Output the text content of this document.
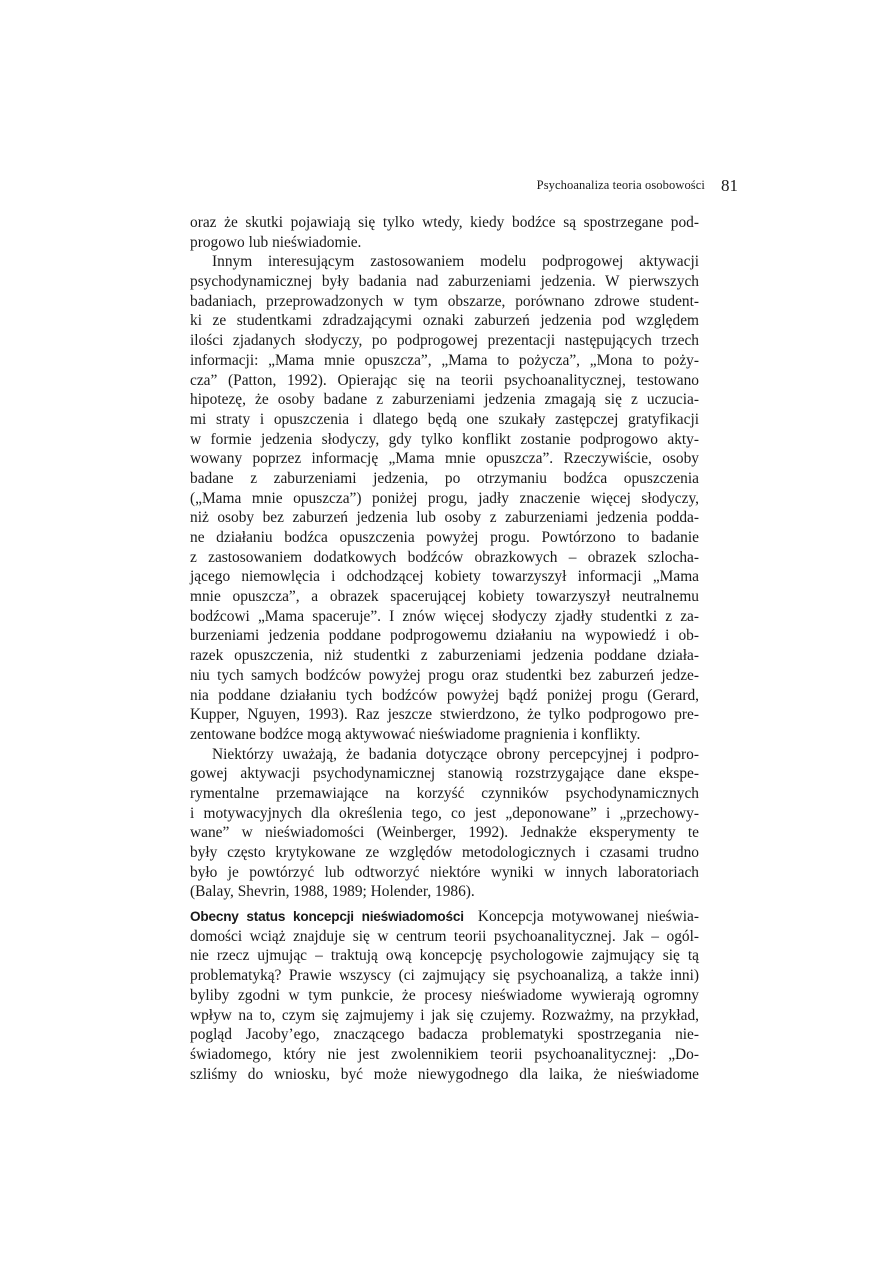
Psychoanaliza teoria osobowości 81
oraz że skutki pojawiają się tylko wtedy, kiedy bodźce są spostrzegane pod-
progowo lub nieświadomie.
Innym interesującym zastosowaniem modelu podprogowej aktywacji
psychodynamicznej były badania nad zaburzeniami jedzenia. W pierwszych
badaniach, przeprowadzonych w tym obszarze, porównano zdrowe student-
ki ze studentkami zdradzającymi oznaki zaburzeń jedzenia pod względem
ilości zjadanych słodyczy, po podprogowej prezentacji następujących trzech
informacji: „Mama mnie opuszcza”, „Mama to pożycza”, „Mona to poży-
cza” (Patton, 1992). Opierając się na teorii psychoanalitycznej, testowano
hipotezę, że osoby badane z zaburzeniami jedzenia zmagają się z uczucia-
mi straty i opuszczenia i dlatego będą one szukały zastępczej gratyfikacji
w formie jedzenia słodyczy, gdy tylko konflikt zostanie podprogowo akty-
wowany poprzez informację „Mama mnie opuszcza”. Rzeczywiście, osoby
badane z zaburzeniami jedzenia, po otrzymaniu bodźca opuszczenia
(„Mama mnie opuszcza”) poniżej progu, jadły znaczenie więcej słodyczy,
niż osoby bez zaburzeń jedzenia lub osoby z zaburzeniami jedzenia podda-
ne działaniu bodźca opuszczenia powyżej progu. Powtórzono to badanie
z zastosowaniem dodatkowych bodźców obrazkowych – obrazek szlocha-
jącego niemowlęcia i odchodzącej kobiety towarzyszył informacji „Mama
mnie opuszcza”, a obrazek spacerującej kobiety towarzyszył neutralnemu
bodźcowi „Mama spaceruje”. I znów więcej słodyczy zjadły studentki z za-
burzeniami jedzenia poddane podprogowemu działaniu na wypowiedź i ob-
razek opuszczenia, niż studentki z zaburzeniami jedzenia poddane działa-
niu tych samych bodźców powyżej progu oraz studentki bez zaburzeń jedze-
nia poddane działaniu tych bodźców powyżej bądź poniżej progu (Gerard,
Kupper, Nguyen, 1993). Raz jeszcze stwierdzono, że tylko podprogowo pre-
zentowane bodźce mogą aktywować nieświadome pragnienia i konflikty.
Niektórzy uważają, że badania dotyczące obrony percepcyjnej i podpro-
gowej aktywacji psychodynamicznej stanowią rozstrzygające dane ekspe-
rymentalne przemawiające na korzyść czynników psychodynamicznych
i motywacyjnych dla określenia tego, co jest „deponowane” i „przechowy-
wane” w nieświadomości (Weinberger, 1992). Jednakże eksperymenty te
były często krytykowane ze względów metodologicznych i czasami trudno
było je powtórzyć lub odtworzyć niektóre wyniki w innych laboratoriach
(Balay, Shevrin, 1988, 1989; Holender, 1986).
Obecny status koncepcji nieświadomości Koncepcja motywowanej nieświa-
domości wciąż znajduje się w centrum teorii psychoanalitycznej. Jak – ogól-
nie rzecz ujmując – traktują ową koncepcję psychologowie zajmujący się tą
problematyką? Prawie wszyscy (ci zajmujący się psychoanalizą, a także inni)
byliby zgodni w tym punkcie, że procesy nieświadome wywierają ogromny
wpływ na to, czym się zajmujemy i jak się czujemy. Rozważmy, na przykład,
pogląd Jacoby’ego, znaczącego badacza problematyki spostrzegania nie-
świadomego, który nie jest zwolennikiem teorii psychoanalitycznej: „Do-
szliśmy do wniosku, być może niewygodnego dla laika, że nieświadome
